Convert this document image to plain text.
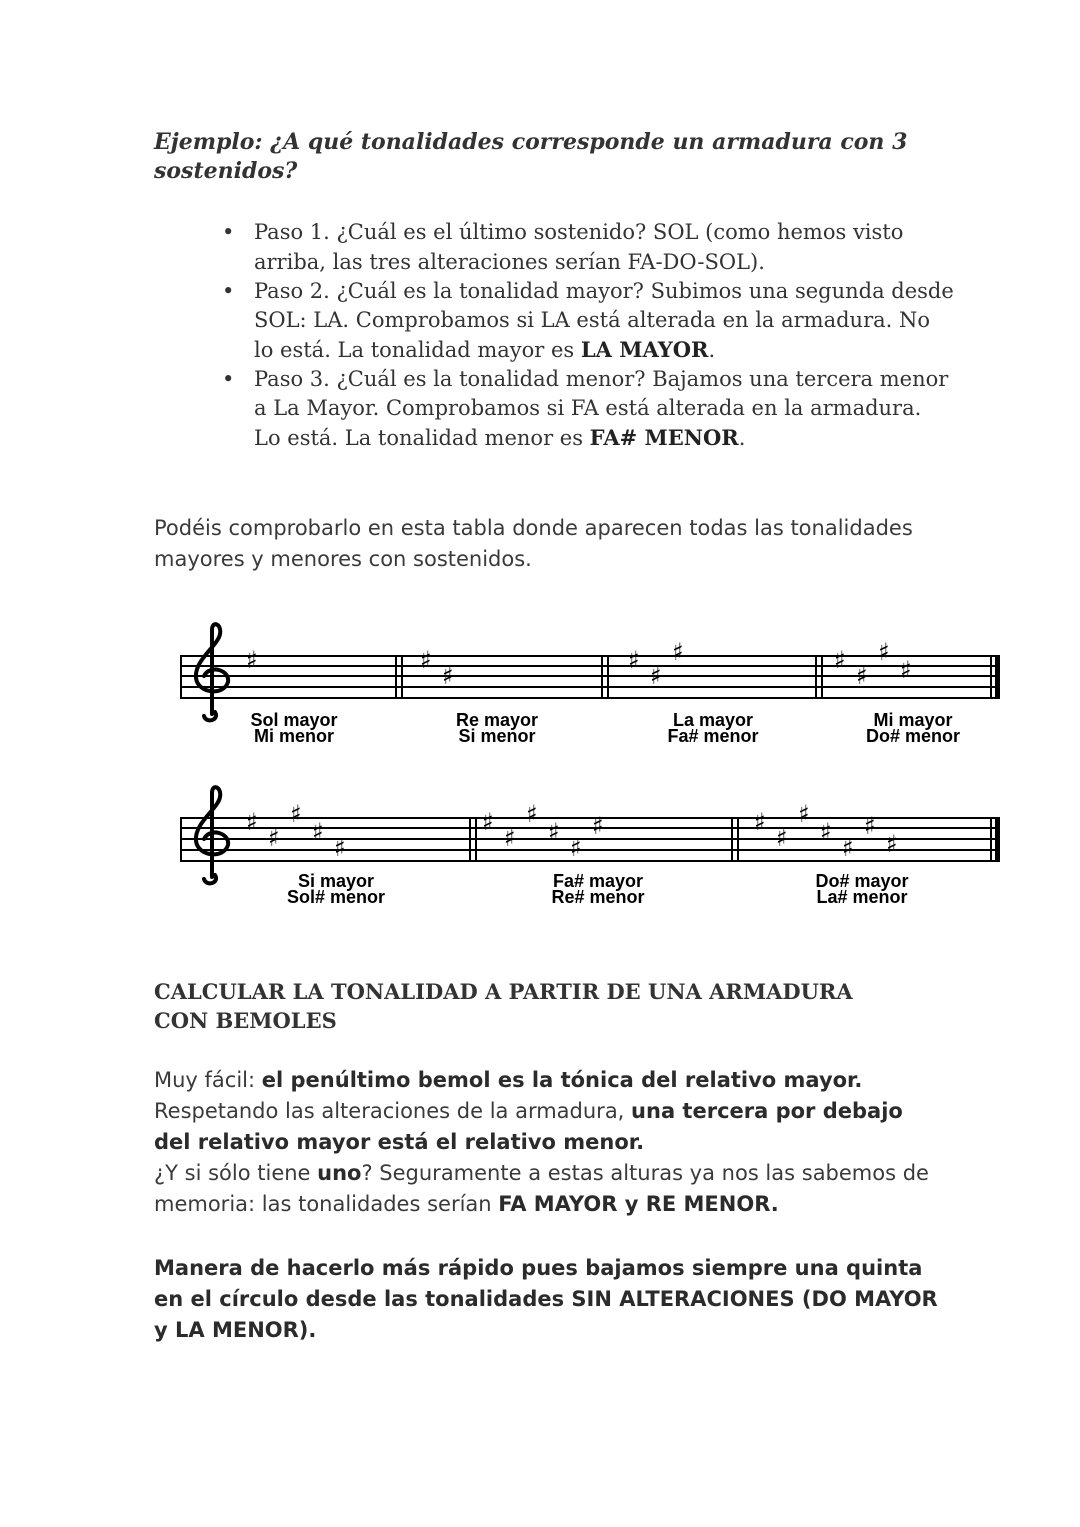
Ejemplo: ¿A qué tonalidades corresponde un armadura con 3 sostenidos?

• Paso 1. ¿Cuál es el último sostenido? SOL (como hemos visto arriba, las tres alteraciones serían FA-DO-SOL).
• Paso 2. ¿Cuál es la tonalidad mayor? Subimos una segunda desde SOL: LA. Comprobamos si LA está alterada en la armadura. No lo está. La tonalidad mayor es LA MAYOR.
• Paso 3. ¿Cuál es la tonalidad menor? Bajamos una tercera menor a La Mayor. Comprobamos si FA está alterada en la armadura. Lo está. La tonalidad menor es FA# MENOR.

Podéis comprobarlo en esta tabla donde aparecen todas las tonalidades mayores y menores con sostenidos.

♯	♯
♯
♯
♯
♯	♯
♯
♯
♯
♯
♯
♯
♯
♯
♯
♯
♯
♯
♯
♯	♯
♯
♯
♯
♯
♯
♯
Sol mayor
Mi menor
Re mayor
Si menor
La mayor
Fa# menor
Mi mayor
Do# menor
Si mayor
Sol# menor
Fa# mayor
Re# menor
Do# mayor
La# menor

CALCULAR LA TONALIDAD A PARTIR DE UNA ARMADURA CON BEMOLES

Muy fácil: el penúltimo bemol es la tónica del relativo mayor.
Respetando las alteraciones de la armadura, una tercera por debajo del relativo mayor está el relativo menor.
¿Y si sólo tiene uno? Seguramente a estas alturas ya nos las sabemos de memoria: las tonalidades serían FA MAYOR y RE MENOR.

Manera de hacerlo más rápido pues bajamos siempre una quinta en el círculo desde las tonalidades SIN ALTERACIONES (DO MAYOR y LA MENOR).
